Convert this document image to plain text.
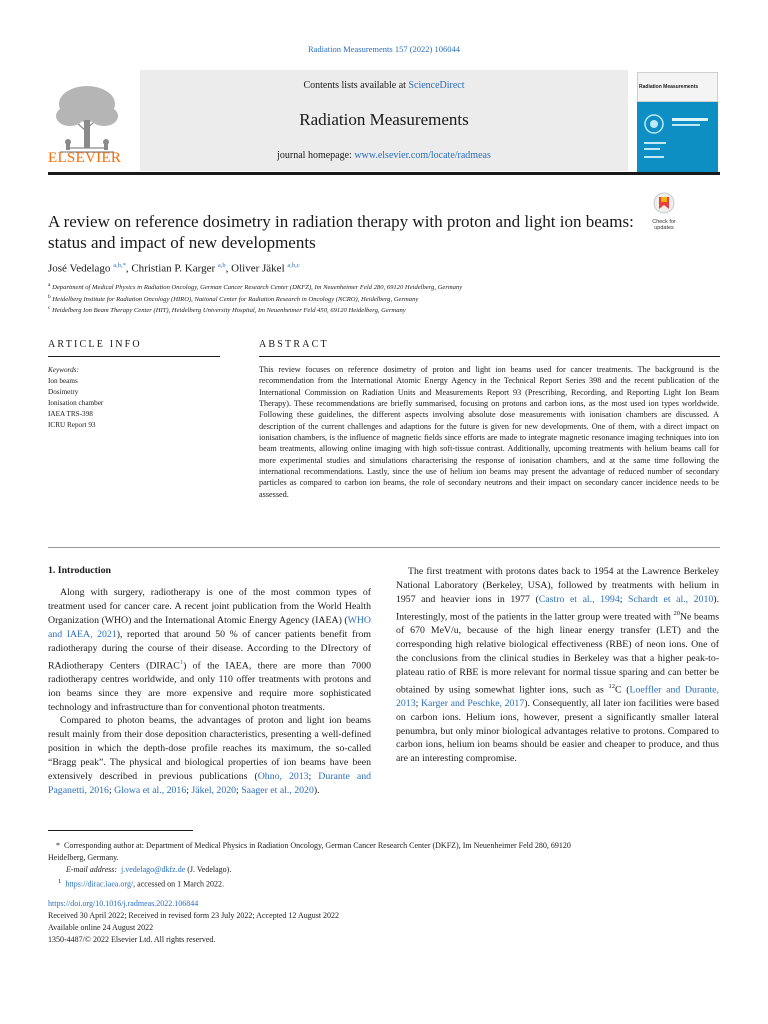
Radiation Measurements 157 (2022) 106044
Contents lists available at ScienceDirect
Radiation Measurements
journal homepage: www.elsevier.com/locate/radmeas
ELSEVIER
Radiation Measurements
A review on reference dosimetry in radiation therapy with proton and light ion beams: status and impact of new developments
Check for updates
José Vedelago $^{a,b,*}$, Christian P. Karger $^{a,b}$, Oliver Jäkel $^{a,b,c}$
$^a$ Department of Medical Physics in Radiation Oncology, German Cancer Research Center (DKFZ), Im Neuenheimer Feld 280, 69120 Heidelberg, Germany
$^b$ Heidelberg Institute for Radiation Oncology (HIRO), National Center for Radiation Research in Oncology (NCRO), Heidelberg, Germany
$^c$ Heidelberg Ion Beam Therapy Center (HIT), Heidelberg University Hospital, Im Neuenheimer Feld 450, 69120 Heidelberg, Germany
ARTICLE INFO
Keywords:
Ion beams
Dosimetry
Ionisation chamber
IAEA TRS-398
ICRU Report 93
ABSTRACT
This review focuses on reference dosimetry of proton and light ion beams used for cancer treatments. The background is the recommendation from the International Atomic Energy Agency in the Technical Report Series 398 and the recent publication of the International Commission on Radiation Units and Measurements Report 93 (Prescribing, Recording, and Reporting Light Ion Beam Therapy). These recommendations are briefly summarised, focusing on protons and carbon ions, as the most used ion types worldwide. Following these guidelines, the different aspects involving absolute dose measurements with ionisation chambers are discussed. A description of the current challenges and adaptions for the future is given for new developments. One of them, with a direct impact on ionisation chambers, is the influence of magnetic fields since efforts are made to integrate magnetic resonance imaging techniques into ion beam treatments, allowing online imaging with high soft-tissue contrast. Additionally, upcoming treatments with helium beams call for more experimental studies and simulations characterising the response of ionisation chambers, and at the same time following the international recommendations. Lastly, since the use of helium ion beams may present the advantage of reduced number of secondary particles as compared to carbon ion beams, the role of secondary neutrons and their impact on secondary cancer incidence needs to be assessed.
1. Introduction

Along with surgery, radiotherapy is one of the most common types of treatment used for cancer care. A recent joint publication from the World Health Organization (WHO) and the International Atomic Energy Agency (IAEA) (WHO and IAEA, 2021), reported that around 50 % of cancer patients benefit from radiotherapy during the course of their disease. According to the DIrectory of RAdiotherapy Centers (DIRAC$^1$) of the IAEA, there are more than 7000 radiotherapy centres worldwide, and only 110 offer treatments with protons and ion beams since they are more expensive and require more sophisticated technology and infrastructure than for conventional photon treatments.

Compared to photon beams, the advantages of proton and light ion beams result mainly from their dose deposition characteristics, presenting a well-defined position in which the depth-dose profile reaches its maximum, the so-called “Bragg peak”. The physical and biological properties of ion beams have been extensively described in previous publications (Ohno, 2013; Durante and Paganetti, 2016; Glowa et al., 2016; Jäkel, 2020; Saager et al., 2020).

The first treatment with protons dates back to 1954 at the Lawrence Berkeley National Laboratory (Berkeley, USA), followed by treatments with helium in 1957 and heavier ions in 1977 (Castro et al., 1994; Schardt et al., 2010). Interestingly, most of the patients in the latter group were treated with $^{20}$Ne beams of 670 MeV/u, because of the high linear energy transfer (LET) and the corresponding high relative biological effectiveness (RBE) of neon ions. One of the conclusions from the clinical studies in Berkeley was that a higher peak-to-plateau ratio of RBE is more relevant for normal tissue sparing and can better be obtained by using somewhat lighter ions, such as $^{12}$C (Loeffler and Durante, 2013; Karger and Peschke, 2017). Consequently, all later ion facilities were based on carbon ions. Helium ions, however, present a significantly smaller lateral penumbra, but only minor biological advantages relative to protons. Compared to carbon ions, helium ion beams should be easier and cheaper to produce, and thus are an interesting compromise.

* Corresponding author at: Department of Medical Physics in Radiation Oncology, German Cancer Research Center (DKFZ), Im Neuenheimer Feld 280, 69120
Heidelberg, Germany.
E-mail address: j.vedelago@dkfz.de (J. Vedelago).
$^1$ https://dirac.iaea.org/, accessed on 1 March 2022.
https://doi.org/10.1016/j.radmeas.2022.106844
Received 30 April 2022; Received in revised form 23 July 2022; Accepted 12 August 2022
Available online 24 August 2022
1350-4487/© 2022 Elsevier Ltd. All rights reserved.
